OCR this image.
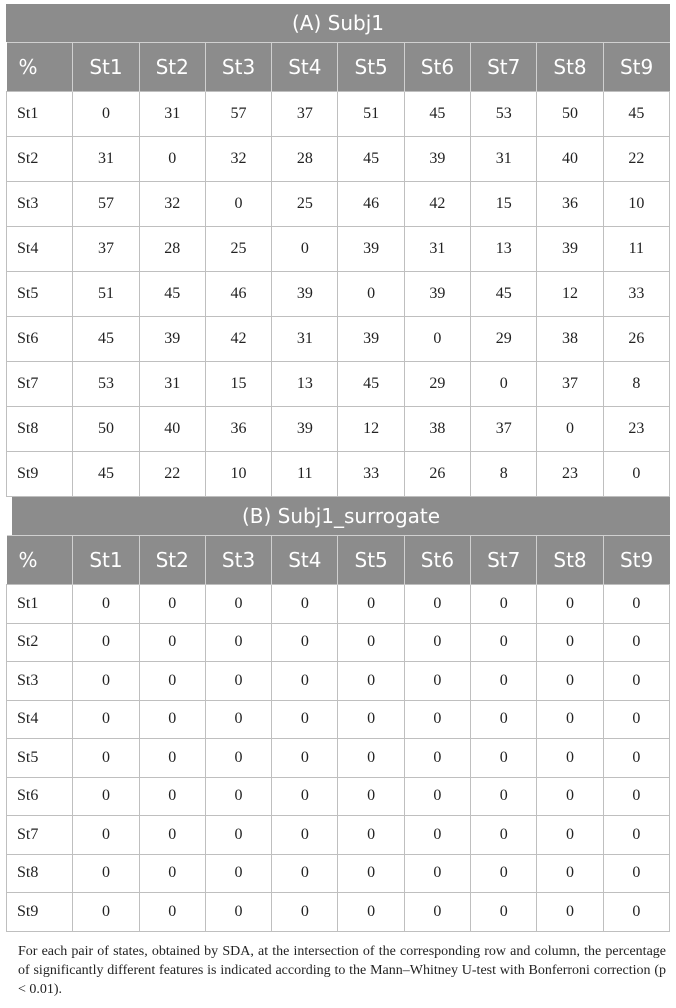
(A) Subj1
%	St1	St2	St3	St4	St5	St6	St7	St8	St9
St1	0	31	57	37	51	45	53	50	45
St2	31	0	32	28	45	39	31	40	22
St3	57	32	0	25	46	42	15	36	10
St4	37	28	25	0	39	31	13	39	11
St5	51	45	46	39	0	39	45	12	33
St6	45	39	42	31	39	0	29	38	26
St7	53	31	15	13	45	29	0	37	8
St8	50	40	36	39	12	38	37	0	23
St9	45	22	10	11	33	26	8	23	0
(B) Subj1_surrogate
%	St1	St2	St3	St4	St5	St6	St7	St8	St9
St1	0	0	0	0	0	0	0	0	0
St2	0	0	0	0	0	0	0	0	0
St3	0	0	0	0	0	0	0	0	0
St4	0	0	0	0	0	0	0	0	0
St5	0	0	0	0	0	0	0	0	0
St6	0	0	0	0	0	0	0	0	0
St7	0	0	0	0	0	0	0	0	0
St8	0	0	0	0	0	0	0	0	0
St9	0	0	0	0	0	0	0	0	0
For each pair of states, obtained by SDA, at the intersection of the corresponding row and column, the percentage of significantly different features is indicated according to the Mann–Whitney U-test with Bonferroni correction (p < 0.01).
